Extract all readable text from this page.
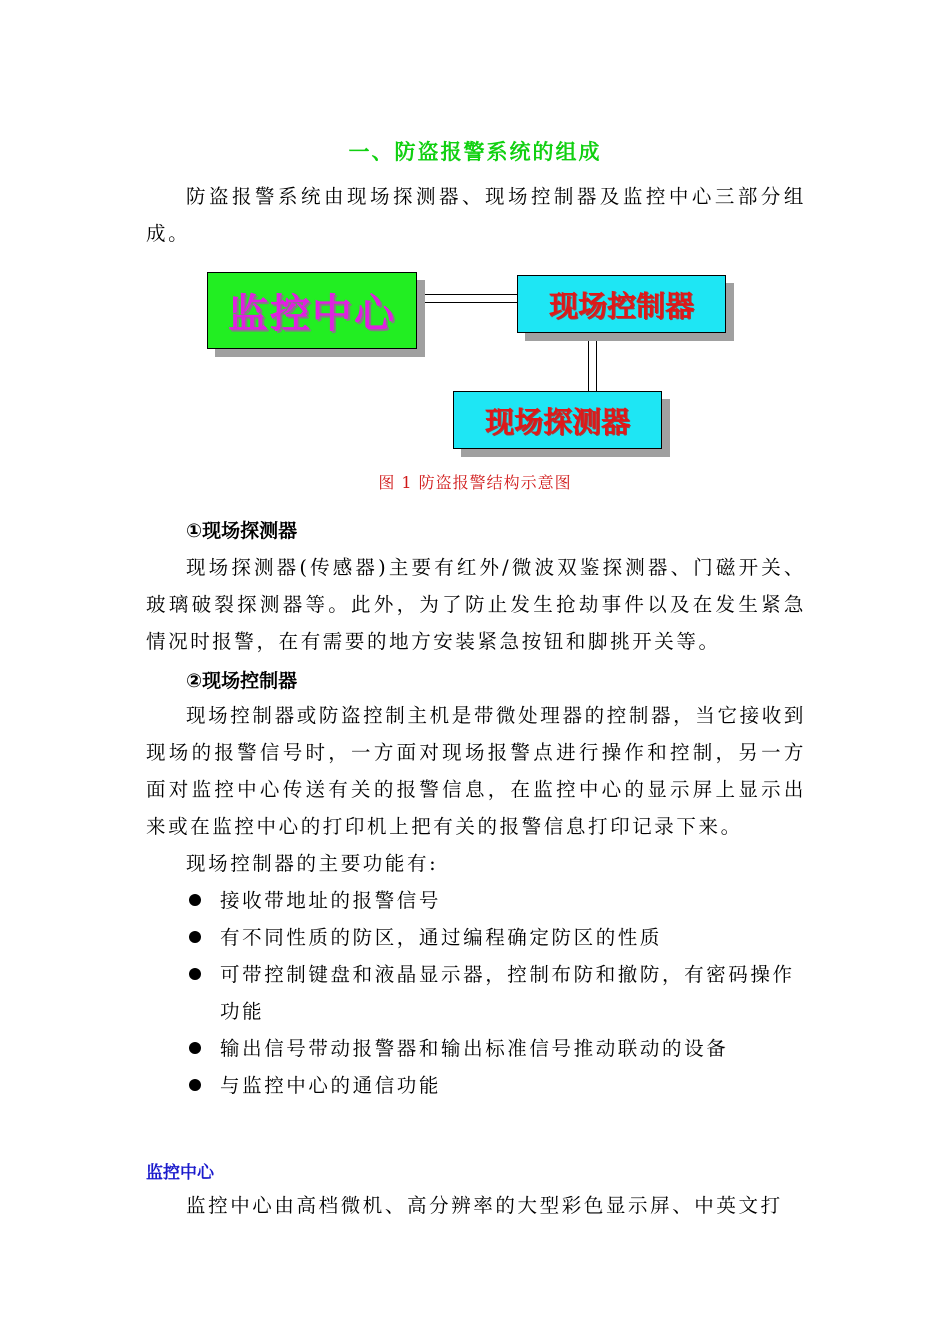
一、防盗报警系统的组成
防盗报警系统由现场探测器、现场控制器及监控中心三部分组成。
监控中心	现场控制器
现场探测器
图 1 防盗报警结构示意图
①现场探测器
现场探测器(传感器)主要有红外/微波双鉴探测器、门磁开关、玻璃破裂探测器等。此外，为了防止发生抢劫事件以及在发生紧急情况时报警，在有需要的地方安装紧急按钮和脚挑开关等。
②现场控制器
现场控制器或防盗控制主机是带微处理器的控制器，当它接收到现场的报警信号时，一方面对现场报警点进行操作和控制，另一方面对监控中心传送有关的报警信息，在监控中心的显示屏上显示出来或在监控中心的打印机上把有关的报警信息打印记录下来。
现场控制器的主要功能有:
接收带地址的报警信号
有不同性质的防区，通过编程确定防区的性质
可带控制键盘和液晶显示器，控制布防和撤防，有密码操作功能
输出信号带动报警器和输出标准信号推动联动的设备
与监控中心的通信功能
监控中心
监控中心由高档微机、高分辨率的大型彩色显示屏、中英文打
